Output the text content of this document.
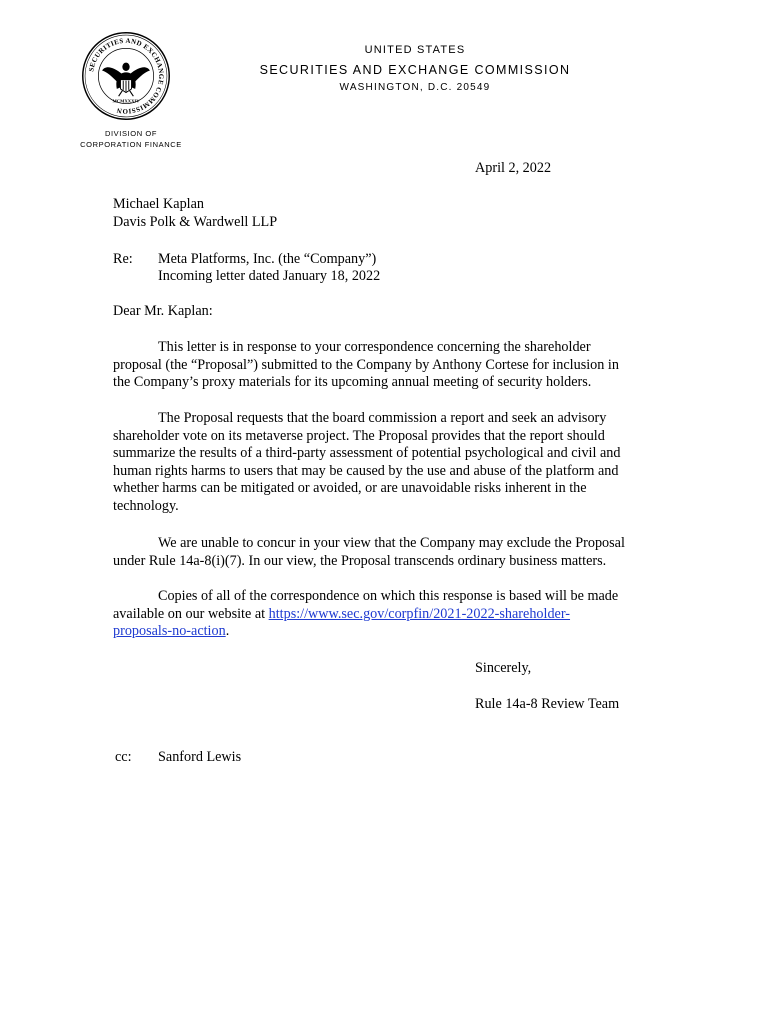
SECURITIES AND EXCHANGE COMMISSION
MCMXXXIV
UNITED STATES
SECURITIES AND EXCHANGE COMMISSION
WASHINGTON, D.C. 20549
DIVISION OF
CORPORATION FINANCE
April 2, 2022
Michael Kaplan
Davis Polk & Wardwell LLP
Re: Meta Platforms, Inc. (the “Company”)
Incoming letter dated January 18, 2022
Dear Mr. Kaplan:
This letter is in response to your correspondence concerning the shareholder
proposal (the “Proposal”) submitted to the Company by Anthony Cortese for inclusion in
the Company’s proxy materials for its upcoming annual meeting of security holders.
The Proposal requests that the board commission a report and seek an advisory
shareholder vote on its metaverse project. The Proposal provides that the report should
summarize the results of a third-party assessment of potential psychological and civil and
human rights harms to users that may be caused by the use and abuse of the platform and
whether harms can be mitigated or avoided, or are unavoidable risks inherent in the
technology.
We are unable to concur in your view that the Company may exclude the Proposal
under Rule 14a-8(i)(7). In our view, the Proposal transcends ordinary business matters.
Copies of all of the correspondence on which this response is based will be made
available on our website at https://www.sec.gov/corpfin/2021-2022-shareholder-
proposals-no-action.
Sincerely,
Rule 14a-8 Review Team
cc: Sanford Lewis
